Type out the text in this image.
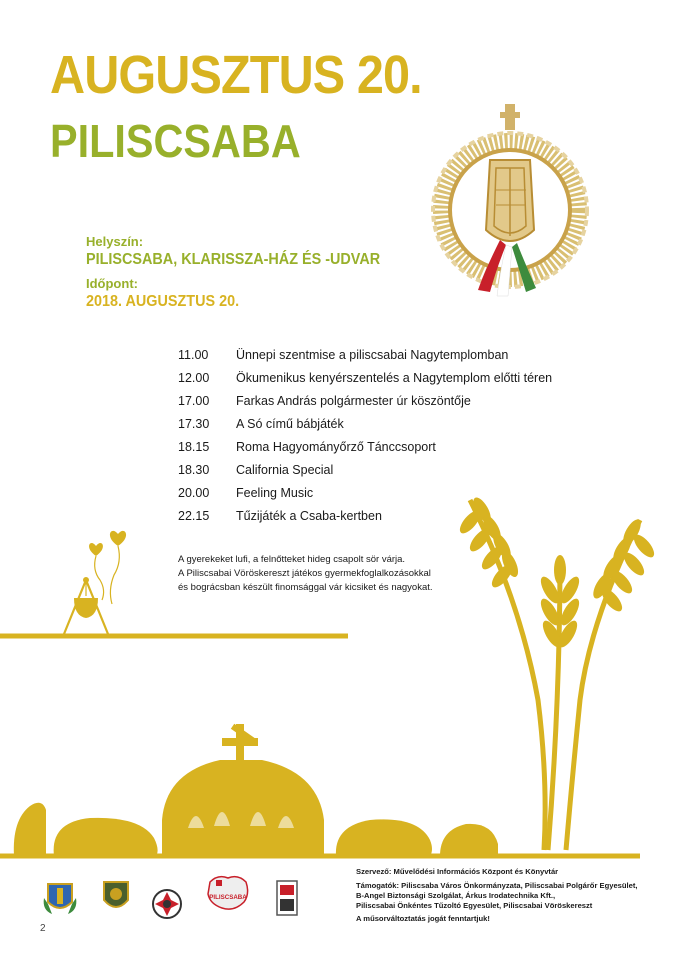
AUGUSZTUS 20.
PILISCSABA
Helyszín:
PILISCSABA, KLARISSZA-HÁZ ÉS -UDVAR
Időpont:
2018. AUGUSZTUS 20.
11.00	Ünnepi szentmise a piliscsabai Nagytemplomban
12.00	Ökumenikus kenyérszentelés a Nagytemplom előtti téren
17.00	Farkas András polgármester úr köszöntője
17.30	A Só című bábjáték
18.15	Roma Hagyományőrző Tánccsoport
18.30	California Special
20.00	Feeling Music
22.15	Tűzijáték a Csaba-kertben
A gyerekeket lufi, a felnőtteket hideg csapolt sör várja.
A Piliscsabai Vöröskereszt játékos gyermekfoglalkozásokkal
és bográcsban készült finomsággal vár kicsiket és nagyokat.
PILISCSABA
Szervező: Művelődési Információs Központ és Könyvtár
Támogatók: Piliscsaba Város Önkormányzata, Piliscsabai Polgárőr Egyesület,
B-Angel Biztonsági Szolgálat, Árkus Irodatechnika Kft.,
Piliscsabai Önkéntes Tűzoltó Egyesület, Piliscsabai Vöröskereszt
A műsorváltoztatás jogát fenntartjuk!
2
